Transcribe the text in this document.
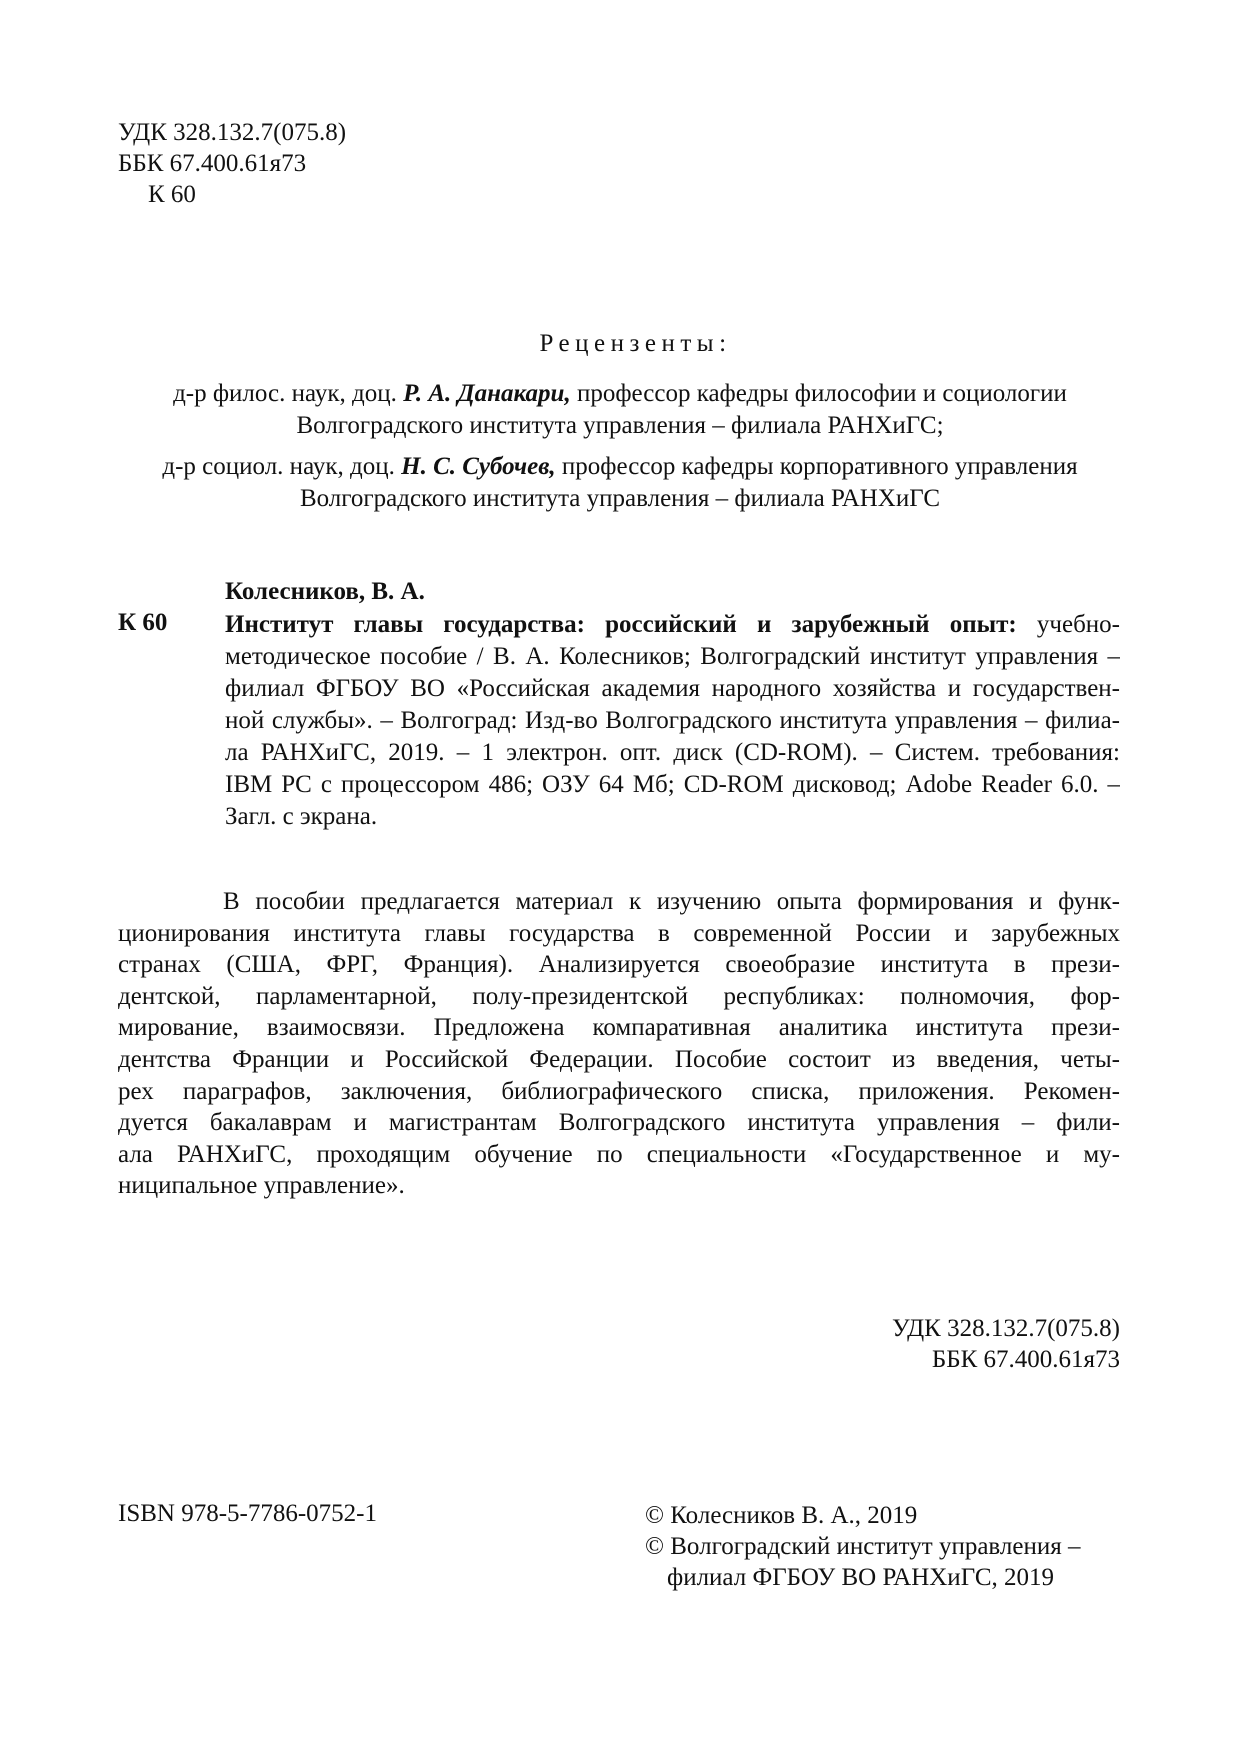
УДК 328.132.7(075.8)
ББК 67.400.61я73
К 60
Рецензенты:
д-р филос. наук, доц. Р. А. Данакари, профессор кафедры философии и социологии
Волгоградского института управления – филиала РАНХиГС;
д-р социол. наук, доц. Н. С. Субочев, профессор кафедры корпоративного управления
Волгоградского института управления – филиала РАНХиГС
Колесников, В. А.
К 60 Институт главы государства: российский и зарубежный опыт: учебно-
методическое пособие / В. А. Колесников; Волгоградский институт управления –
филиал ФГБОУ ВО «Российская академия народного хозяйства и государствен-
ной службы». – Волгоград: Изд-во Волгоградского института управления – филиа-
ла РАНХиГС, 2019. – 1 электрон. опт. диск (CD-ROM). – Систем. требования:
IBM PC с процессором 486; ОЗУ 64 Мб; CD-ROM дисковод; Adobe Reader 6.0. –
Загл. с экрана.
В пособии предлагается материал к изучению опыта формирования и функ-
ционирования института главы государства в современной России и зарубежных
странах (США, ФРГ, Франция). Анализируется своеобразие института в прези-
дентской, парламентарной, полу-президентской республиках: полномочия, фор-
мирование, взаимосвязи. Предложена компаративная аналитика института прези-
дентства Франции и Российской Федерации. Пособие состоит из введения, четы-
рех параграфов, заключения, библиографического списка, приложения. Рекомен-
дуется бакалаврам и магистрантам Волгоградского института управления – фили-
ала РАНХиГС, проходящим обучение по специальности «Государственное и му-
ниципальное управление».
УДК 328.132.7(075.8)
ББК 67.400.61я73
ISBN 978-5-7786-0752-1	© Колесников В. А., 2019
© Волгоградский институт управления –
филиал ФГБОУ ВО РАНХиГС, 2019
